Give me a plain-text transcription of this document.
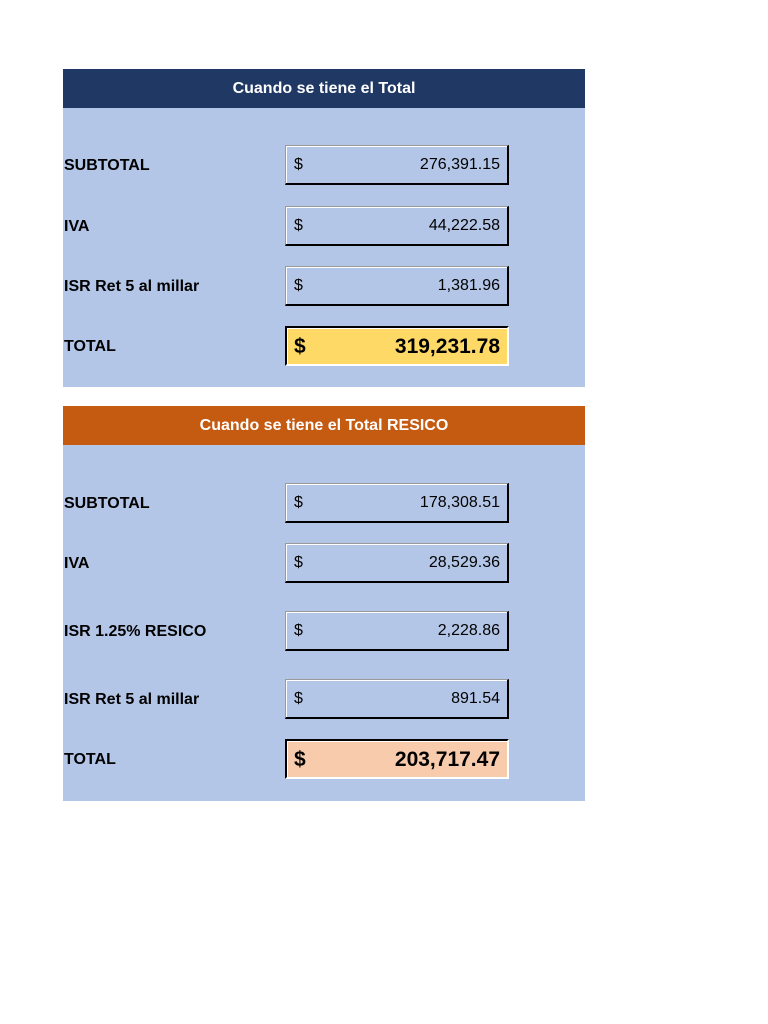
Cuando se tiene el Total
SUBTOTAL	$	276,391.15
IVA	$	44,222.58
ISR Ret 5 al millar	$	1,381.96
TOTAL	$	319,231.78
Cuando se tiene el Total RESICO
SUBTOTAL	$	178,308.51
IVA	$	28,529.36
ISR 1.25% RESICO	$	2,228.86
ISR Ret 5 al millar	$	891.54
TOTAL	$	203,717.47
